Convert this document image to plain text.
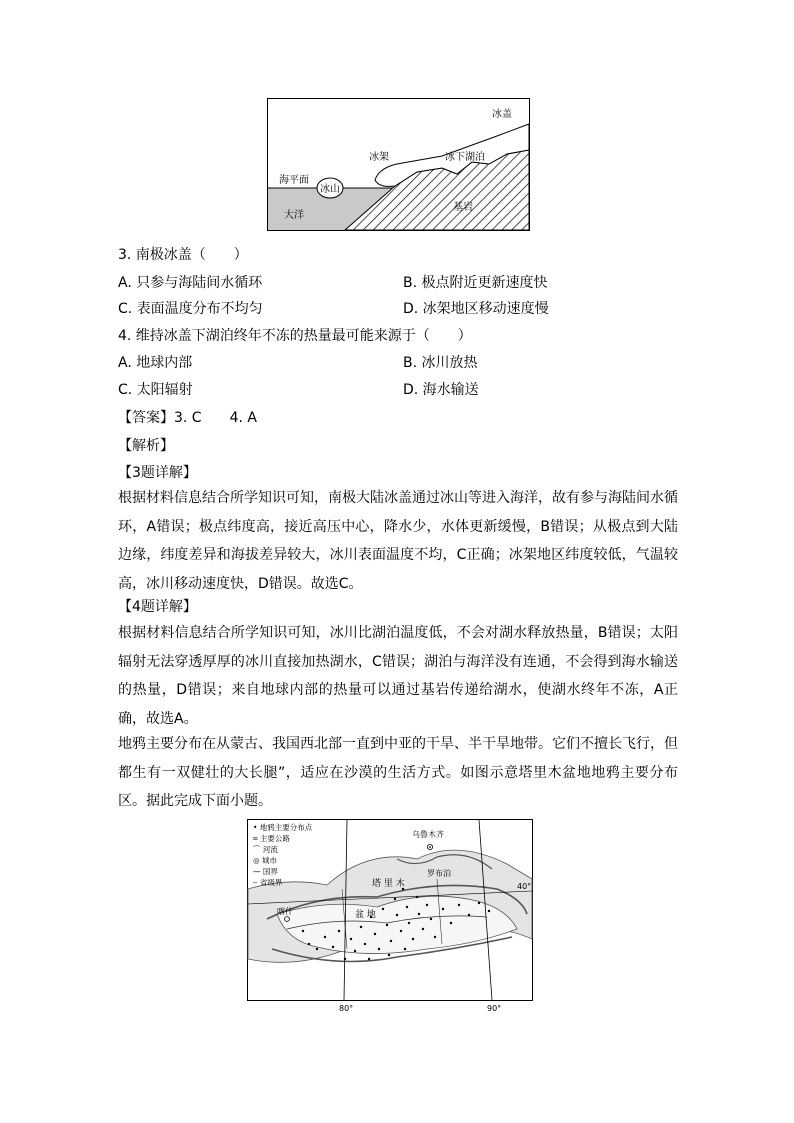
冰盖
冰架	冰下湖泊
海平面
冰山
大洋
基岩
3. 南极冰盖（　　）
A. 只参与海陆间水循环	B. 极点附近更新速度快
C. 表面温度分布不均匀	D. 冰架地区移动速度慢
4. 维持冰盖下湖泊终年不冻的热量最可能来源于（　　）
A. 地球内部	B. 冰川放热
C. 太阳辐射	D. 海水输送
【答案】3. C　　4. A
【解析】
【3题详解】
根据材料信息结合所学知识可知，南极大陆冰盖通过冰山等进入海洋，故有参与海陆间水循环，A错误；极点纬度高，接近高压中心，降水少，水体更新缓慢，B错误；从极点到大陆边缘，纬度差异和海拔差异较大，冰川表面温度不均，C正确；冰架地区纬度较低，气温较高，冰川移动速度快，D错误。故选C。
【4题详解】
根据材料信息结合所学知识可知，冰川比湖泊温度低，不会对湖水释放热量，B错误；太阳辐射无法穿透厚厚的冰川直接加热湖水，C错误；湖泊与海洋没有连通，不会得到海水输送的热量，D错误；来自地球内部的热量可以通过基岩传递给湖水，使湖水终年不冻，A正确，故选A。
地鸦主要分布在从蒙古、我国西北部一直到中亚的干旱、半干旱地带。它们不擅长飞行，但都生有一双健壮的大长腿”，适应在沙漠的生活方式。如图示意塔里木盆地地鸦主要分布区。据此完成下面小题。
• 地鸦主要分布点
═ 主要公路
⌒ 河流
◎ 城市
— 国界
┄ 省级界
乌鲁木齐
塔 里 木
罗布泊
盆 地
喀什
40°
80°	90°
